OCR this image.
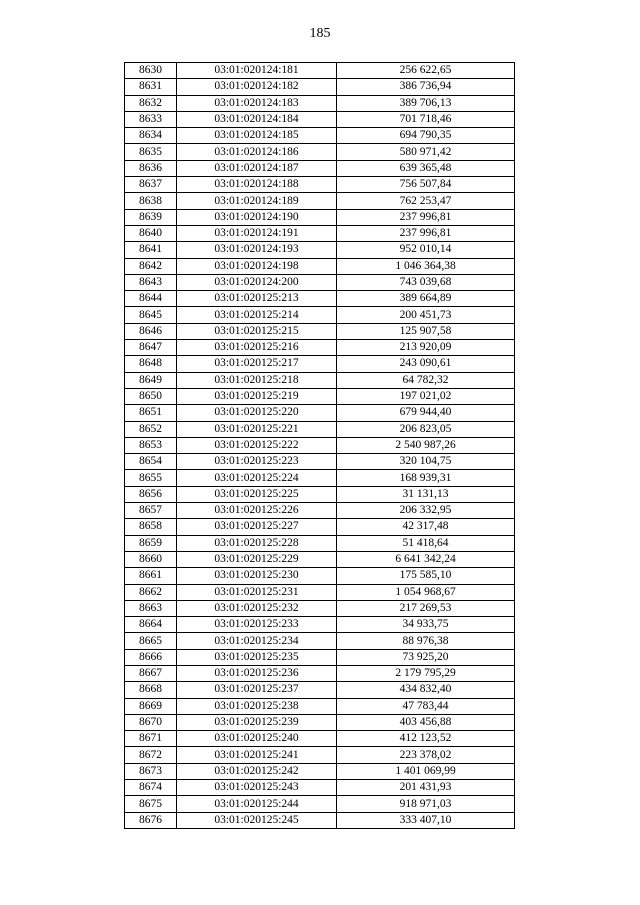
185
8630	03:01:020124:181	256 622,65
8631	03:01:020124:182	386 736,94
8632	03:01:020124:183	389 706,13
8633	03:01:020124:184	701 718,46
8634	03:01:020124:185	694 790,35
8635	03:01:020124:186	580 971,42
8636	03:01:020124:187	639 365,48
8637	03:01:020124:188	756 507,84
8638	03:01:020124:189	762 253,47
8639	03:01:020124:190	237 996,81
8640	03:01:020124:191	237 996,81
8641	03:01:020124:193	952 010,14
8642	03:01:020124:198	1 046 364,38
8643	03:01:020124:200	743 039,68
8644	03:01:020125:213	389 664,89
8645	03:01:020125:214	200 451,73
8646	03:01:020125:215	125 907,58
8647	03:01:020125:216	213 920,09
8648	03:01:020125:217	243 090,61
8649	03:01:020125:218	64 782,32
8650	03:01:020125:219	197 021,02
8651	03:01:020125:220	679 944,40
8652	03:01:020125:221	206 823,05
8653	03:01:020125:222	2 540 987,26
8654	03:01:020125:223	320 104,75
8655	03:01:020125:224	168 939,31
8656	03:01:020125:225	31 131,13
8657	03:01:020125:226	206 332,95
8658	03:01:020125:227	42 317,48
8659	03:01:020125:228	51 418,64
8660	03:01:020125:229	6 641 342,24
8661	03:01:020125:230	175 585,10
8662	03:01:020125:231	1 054 968,67
8663	03:01:020125:232	217 269,53
8664	03:01:020125:233	34 933,75
8665	03:01:020125:234	88 976,38
8666	03:01:020125:235	73 925,20
8667	03:01:020125:236	2 179 795,29
8668	03:01:020125:237	434 832,40
8669	03:01:020125:238	47 783,44
8670	03:01:020125:239	403 456,88
8671	03:01:020125:240	412 123,52
8672	03:01:020125:241	223 378,02
8673	03:01:020125:242	1 401 069,99
8674	03:01:020125:243	201 431,93
8675	03:01:020125:244	918 971,03
8676	03:01:020125:245	333 407,10
